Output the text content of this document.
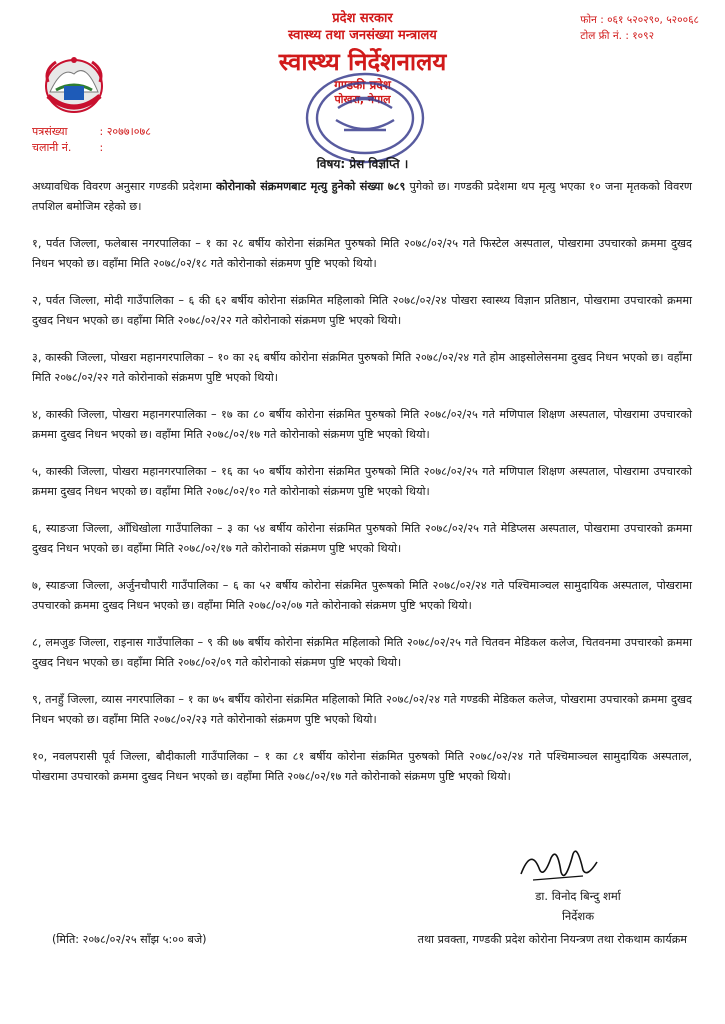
फोन : ०६१ ५२०२९०, ५२००६८
टोल फ्री नं. : १०९२
प्रदेश सरकार
स्वास्थ्य तथा जनसंख्या मन्त्रालय
स्वास्थ्य निर्देशनालय
गण्डकी प्रदेश
पोखरा, नेपाल
पत्रसंख्या	: २०७७।०७८
चलानी नं.	:
विषय: प्रेस विज्ञप्ति ।

अध्यावधिक विवरण अनुसार गण्डकी प्रदेशमा कोरोनाको संक्रमणबाट मृत्यु हुनेको संख्या ७८९ पुगेको छ। गण्डकी प्रदेशमा थप मृत्यु भएका १० जना मृतकको विवरण तपशिल बमोजिम रहेको छ।

१, पर्वत जिल्ला, फलेबास नगरपालिका – १ का २८ बर्षीय कोरोना संक्रमित पुरुषको मिति २०७८/०२/२५ गते फिस्टेल अस्पताल, पोखरामा उपचारको क्रममा दुखद निधन भएको छ। वहाँमा मिति २०७८/०२/१८ गते कोरोनाको संक्रमण पुष्टि भएको थियो।

२, पर्वत जिल्ला, मोदी गाउँपालिका – ६ की ६२ बर्षीय कोरोना संक्रमित महिलाको मिति २०७८/०२/२४ पोखरा स्वास्थ्य विज्ञान प्रतिष्ठान, पोखरामा उपचारको क्रममा दुखद निधन भएको छ। वहाँमा मिति २०७८/०२/२२ गते कोरोनाको संक्रमण पुष्टि भएको थियो।

३, कास्की जिल्ला, पोखरा महानगरपालिका – १० का २६ बर्षीय कोरोना संक्रमित पुरुषको मिति २०७८/०२/२४ गते होम आइसोलेसनमा दुखद निधन भएको छ। वहाँमा मिति २०७८/०२/२२ गते कोरोनाको संक्रमण पुष्टि भएको थियो।

४, कास्की जिल्ला, पोखरा महानगरपालिका – १७ का ८० बर्षीय कोरोना संक्रमित पुरुषको मिति २०७८/०२/२५ गते मणिपाल शिक्षण अस्पताल, पोखरामा उपचारको क्रममा दुखद निधन भएको छ। वहाँमा मिति २०७८/०२/१७ गते कोरोनाको संक्रमण पुष्टि भएको थियो।

५, कास्की जिल्ला, पोखरा महानगरपालिका – १६ का ५० बर्षीय कोरोना संक्रमित पुरुषको मिति २०७८/०२/२५ गते मणिपाल शिक्षण अस्पताल, पोखरामा उपचारको क्रममा दुखद निधन भएको छ। वहाँमा मिति २०७८/०२/१० गते कोरोनाको संक्रमण पुष्टि भएको थियो।

६, स्याङजा जिल्ला, आँधिखोला गाउँपालिका – ३ का ५४ बर्षीय कोरोना संक्रमित पुरुषको मिति २०७८/०२/२५ गते मेडिप्लस अस्पताल, पोखरामा उपचारको क्रममा दुखद निधन भएको छ। वहाँमा मिति २०७८/०२/१७ गते कोरोनाको संक्रमण पुष्टि भएको थियो।

७, स्याङजा जिल्ला, अर्जुनचौपारी गाउँपालिका – ६ का ५२ बर्षीय कोरोना संक्रमित पुरूषको मिति २०७८/०२/२४ गते पश्चिमाञ्चल सामुदायिक अस्पताल, पोखरामा उपचारको क्रममा दुखद निधन भएको छ। वहाँमा मिति २०७८/०२/०७ गते कोरोनाको संक्रमण पुष्टि भएको थियो।

८, लमजुङ जिल्ला, राइनास गाउँपालिका – ९ की ७७ बर्षीय कोरोना संक्रमित महिलाको मिति २०७८/०२/२५ गते चितवन मेडिकल कलेज, चितवनमा उपचारको क्रममा दुखद निधन भएको छ। वहाँमा मिति २०७८/०२/०९ गते कोरोनाको संक्रमण पुष्टि भएको थियो।

९, तनहुँ जिल्ला, व्यास नगरपालिका – १ का ७५ बर्षीय कोरोना संक्रमित महिलाको मिति २०७८/०२/२४ गते गण्डकी मेडिकल कलेज, पोखरामा उपचारको क्रममा दुखद निधन भएको छ। वहाँमा मिति २०७८/०२/२३ गते कोरोनाको संक्रमण पुष्टि भएको थियो।

१०, नवलपरासी पूर्व जिल्ला, बौदीकाली गाउँपालिका – १ का ८१ बर्षीय कोरोना संक्रमित पुरुषको मिति २०७८/०२/२४ गते पश्चिमाञ्चल सामुदायिक अस्पताल, पोखरामा उपचारको क्रममा दुखद निधन भएको छ। वहाँमा मिति २०७८/०२/१७ गते कोरोनाको संक्रमण पुष्टि भएको थियो।

डा. विनोद बिन्दु शर्मा
निर्देशक
(मिति: २०७८/०२/२५ साँझ ५:०० बजे)	तथा प्रवक्ता, गण्डकी प्रदेश कोरोना नियन्त्रण तथा रोकथाम कार्यक्रम
